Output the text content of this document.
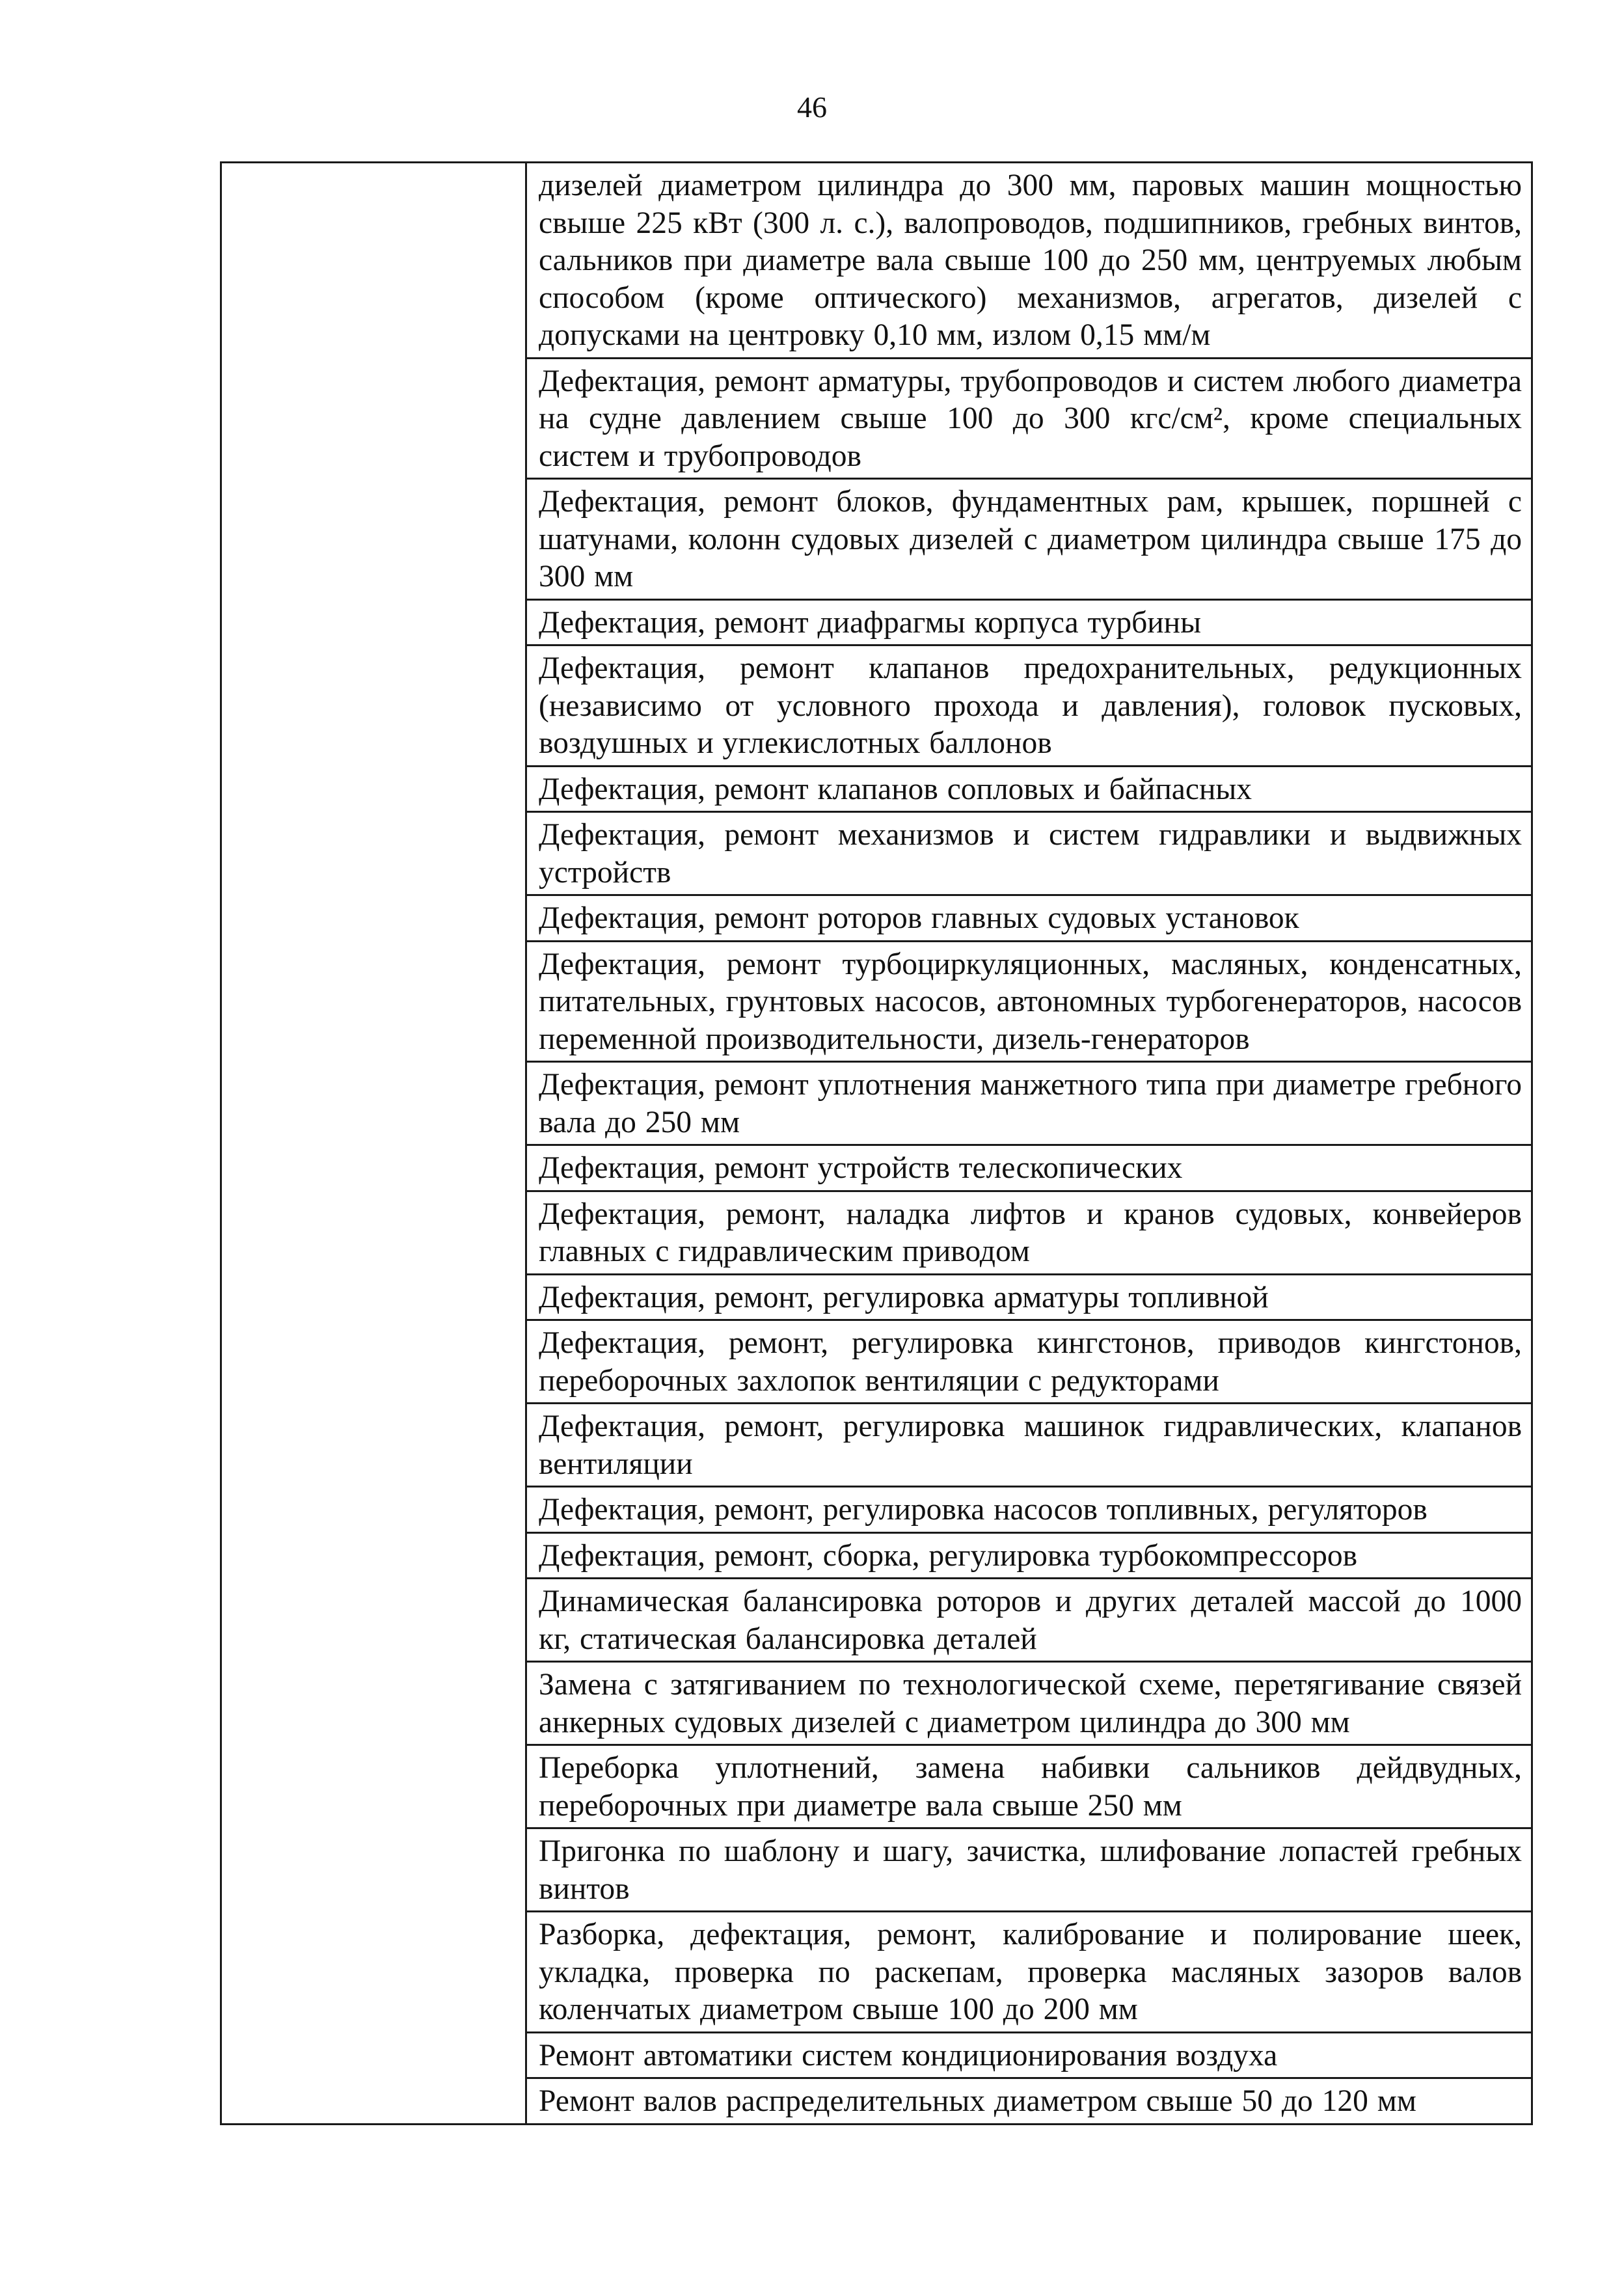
46

дизелей диаметром цилиндра до 300 мм, паровых машин мощностью свыше 225 кВт (300 л. с.), валопроводов, подшипников, гребных винтов, сальников при диаметре вала свыше 100 до 250 мм, центруемых любым способом (кроме оптического) механизмов, агрегатов, дизелей с допусками на центровку 0,10 мм, излом 0,15 мм/м

Дефектация, ремонт арматуры, трубопроводов и систем любого диаметра на судне давлением свыше 100 до 300 кгс/см², кроме специальных систем и трубопроводов

Дефектация, ремонт блоков, фундаментных рам, крышек, поршней с шатунами, колонн судовых дизелей с диаметром цилиндра свыше 175 до 300 мм

Дефектация, ремонт диафрагмы корпуса турбины

Дефектация, ремонт клапанов предохранительных, редукционных (независимо от условного прохода и давления), головок пусковых, воздушных и углекислотных баллонов

Дефектация, ремонт клапанов сопловых и байпасных

Дефектация, ремонт механизмов и систем гидравлики и выдвижных устройств

Дефектация, ремонт роторов главных судовых установок

Дефектация, ремонт турбоциркуляционных, масляных, конденсатных, питательных, грунтовых насосов, автономных турбогенераторов, насосов переменной производительности, дизель-генераторов

Дефектация, ремонт уплотнения манжетного типа при диаметре гребного вала до 250 мм

Дефектация, ремонт устройств телескопических

Дефектация, ремонт, наладка лифтов и кранов судовых, конвейеров главных с гидравлическим приводом

Дефектация, ремонт, регулировка арматуры топливной

Дефектация, ремонт, регулировка кингстонов, приводов кингстонов, переборочных захлопок вентиляции с редукторами

Дефектация, ремонт, регулировка машинок гидравлических, клапанов вентиляции

Дефектация, ремонт, регулировка насосов топливных, регуляторов

Дефектация, ремонт, сборка, регулировка турбокомпрессоров

Динамическая балансировка роторов и других деталей массой до 1000 кг, статическая балансировка деталей

Замена с затягиванием по технологической схеме, перетягивание связей анкерных судовых дизелей с диаметром цилиндра до 300 мм

Переборка уплотнений, замена набивки сальников дейдвудных, переборочных при диаметре вала свыше 250 мм

Пригонка по шаблону и шагу, зачистка, шлифование лопастей гребных винтов

Разборка, дефектация, ремонт, калибрование и полирование шеек, укладка, проверка по раскепам, проверка масляных зазоров валов коленчатых диаметром свыше 100 до 200 мм

Ремонт автоматики систем кондиционирования воздуха

Ремонт валов распределительных диаметром свыше 50 до 120 мм
